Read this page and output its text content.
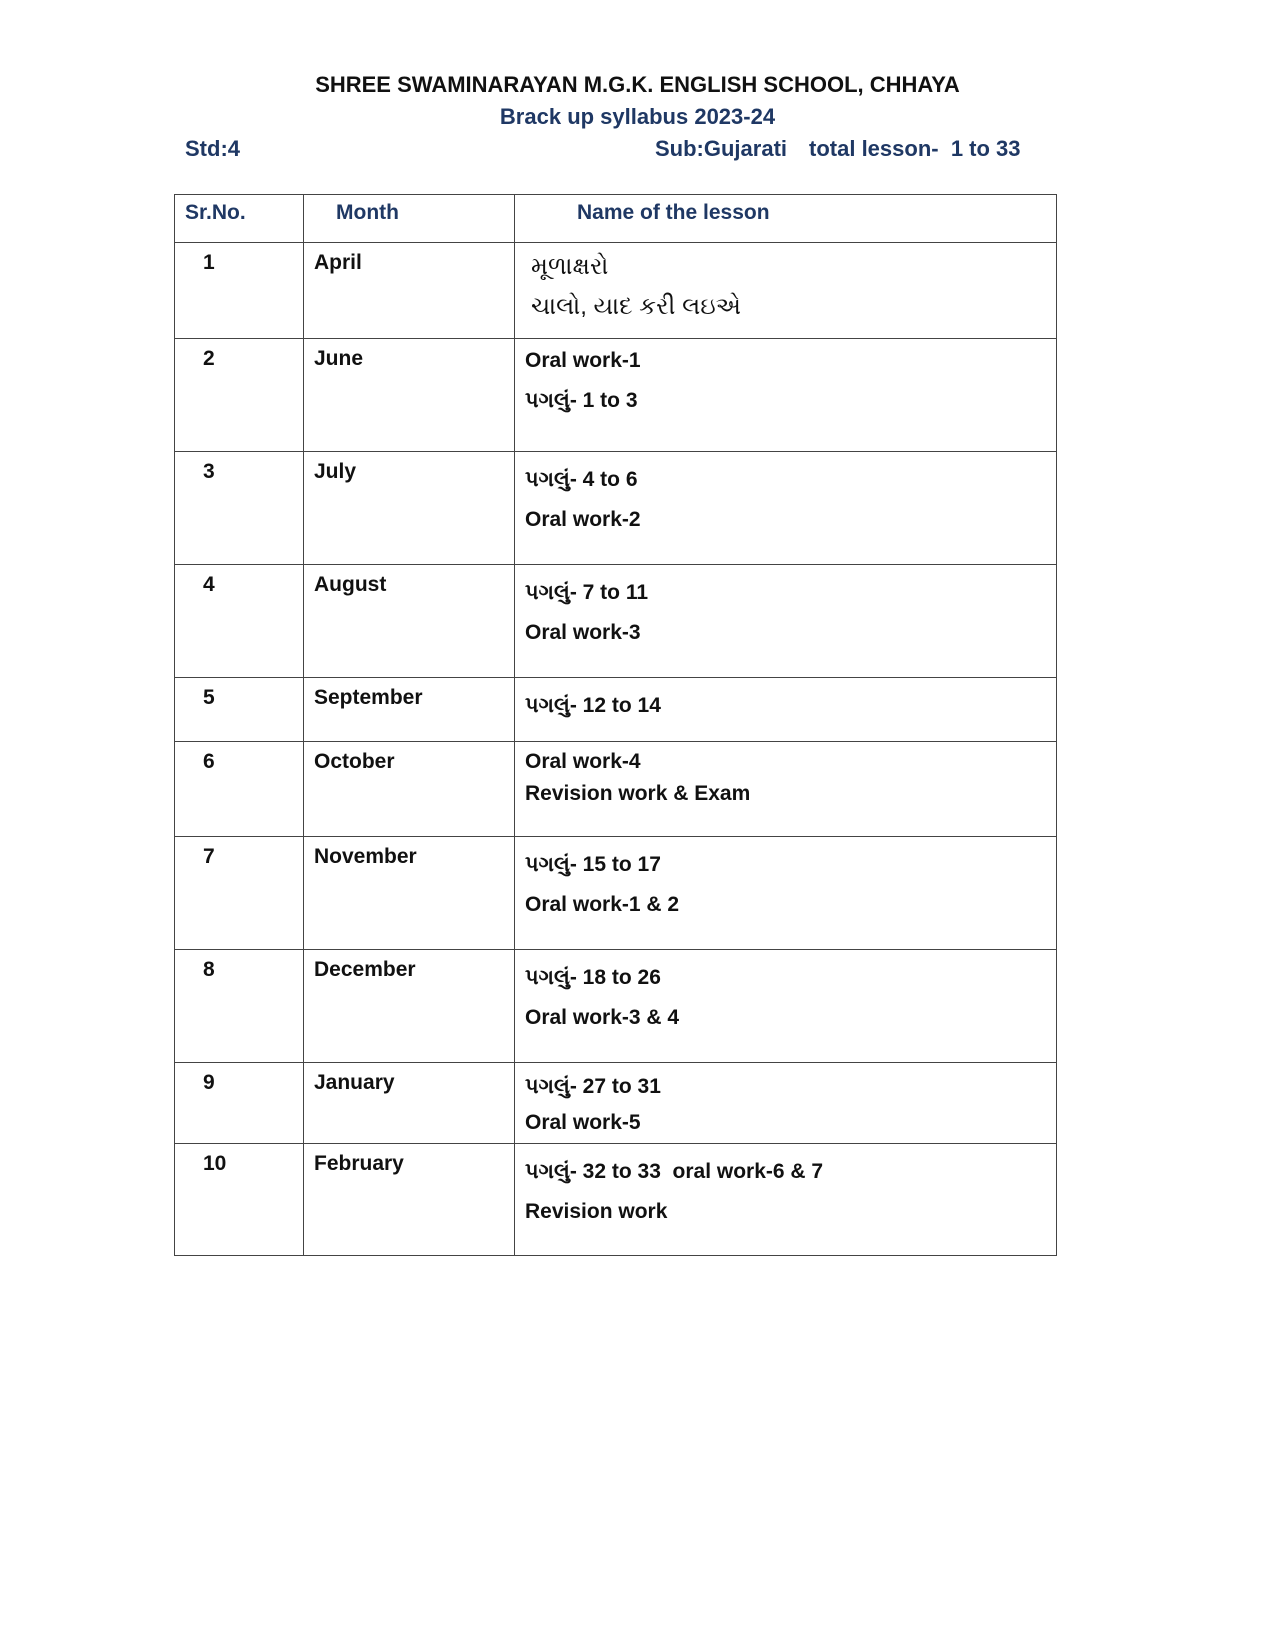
SHREE SWAMINARAYAN M.G.K. ENGLISH SCHOOL, CHHAYA
Brack up syllabus 2023-24
Std:4	Sub:Gujarati total lesson-  1 to 33
Sr.No.	Month	Name of the lesson

1	April	મૂળાક્ષરો
ચાલો, યાદ કરી લઇએ

2	June	Oral work-1
પગલું- 1 to 3

3	July	પગલું- 4 to 6
Oral work-2

4	August	પગલું- 7 to 11
Oral work-3

5	September	પગલું- 12 to 14

6	October	Oral work-4
Revision work & Exam

7	November	પગલું- 15 to 17
Oral work-1 & 2

8	December	પગલું- 18 to 26
Oral work-3 & 4

9	January	પગલું- 27 to 31
Oral work-5

10	February	પગલું- 32 to 33  oral work-6 & 7
Revision work
